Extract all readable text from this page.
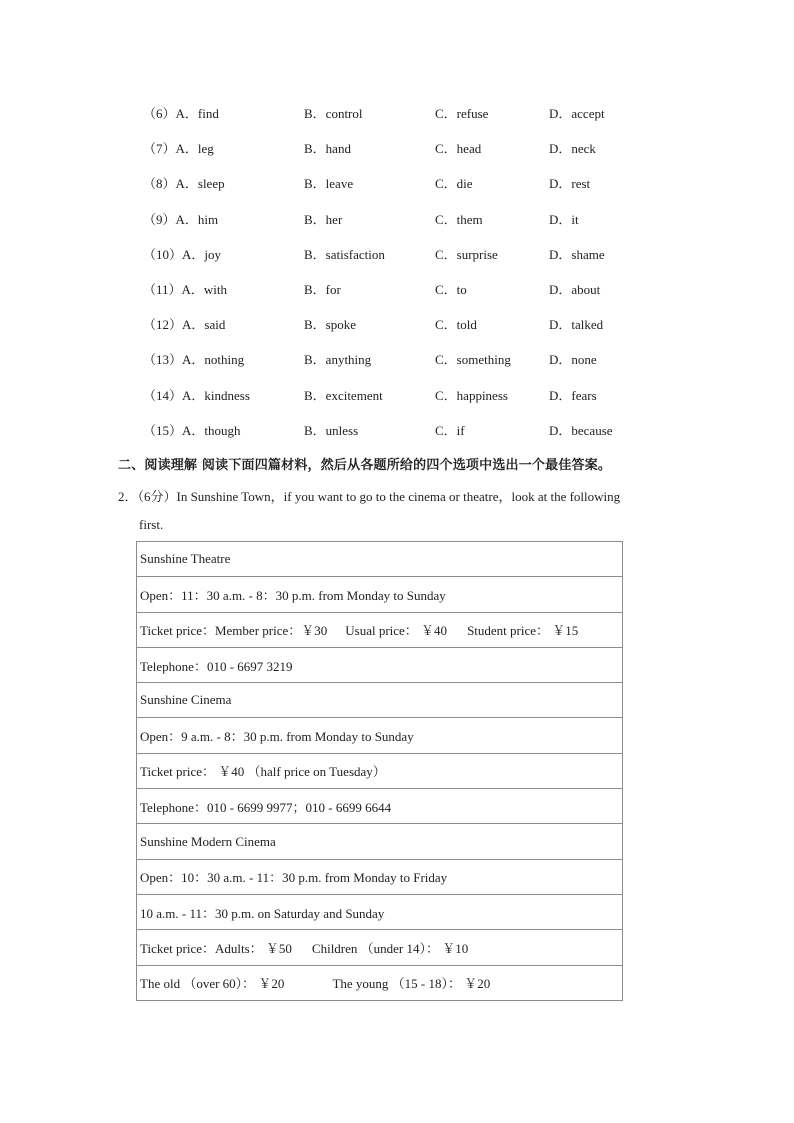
（6）A．find	B．control	C．refuse	D．accept
（7）A．leg	B．hand	C．head	D．neck
（8）A．sleep	B．leave	C．die	D．rest
（9）A．him	B．her	C．them	D．it
（10）A．joy	B．satisfaction	C．surprise	D．shame
（11）A．with	B．for	C．to	D．about
（12）A．said	B．spoke	C．told	D．talked
（13）A．nothing	B．anything	C．something	D．none
（14）A．kindness	B．excitement	C．happiness	D．fears
（15）A．though	B．unless	C．if	D．because
二、阅读理解 阅读下面四篇材料，然后从各题所给的四个选项中选出一个最佳答案。
2．（6分）In Sunshine Town，if you want to go to the cinema or theatre，look at the following
first.
Sunshine Theatre
Open：11：30 a.m. - 8：30 p.m. from Monday to Sunday
Ticket price：Member price：￥30 Usual price： ￥40 Student price： ￥15
Telephone：010 - 6697 3219
Sunshine Cinema
Open：9 a.m. - 8：30 p.m. from Monday to Sunday
Ticket price： ￥40 （half price on Tuesday）
Telephone：010 - 6699 9977；010 - 6699 6644
Sunshine Modern Cinema
Open：10：30 a.m. - 11：30 p.m. from Monday to Friday
10 a.m. - 11：30 p.m. on Saturday and Sunday
Ticket price：Adults： ￥50 Children （under 14）： ￥10
The old （over 60）： ￥20	The young （15 - 18）： ￥20
